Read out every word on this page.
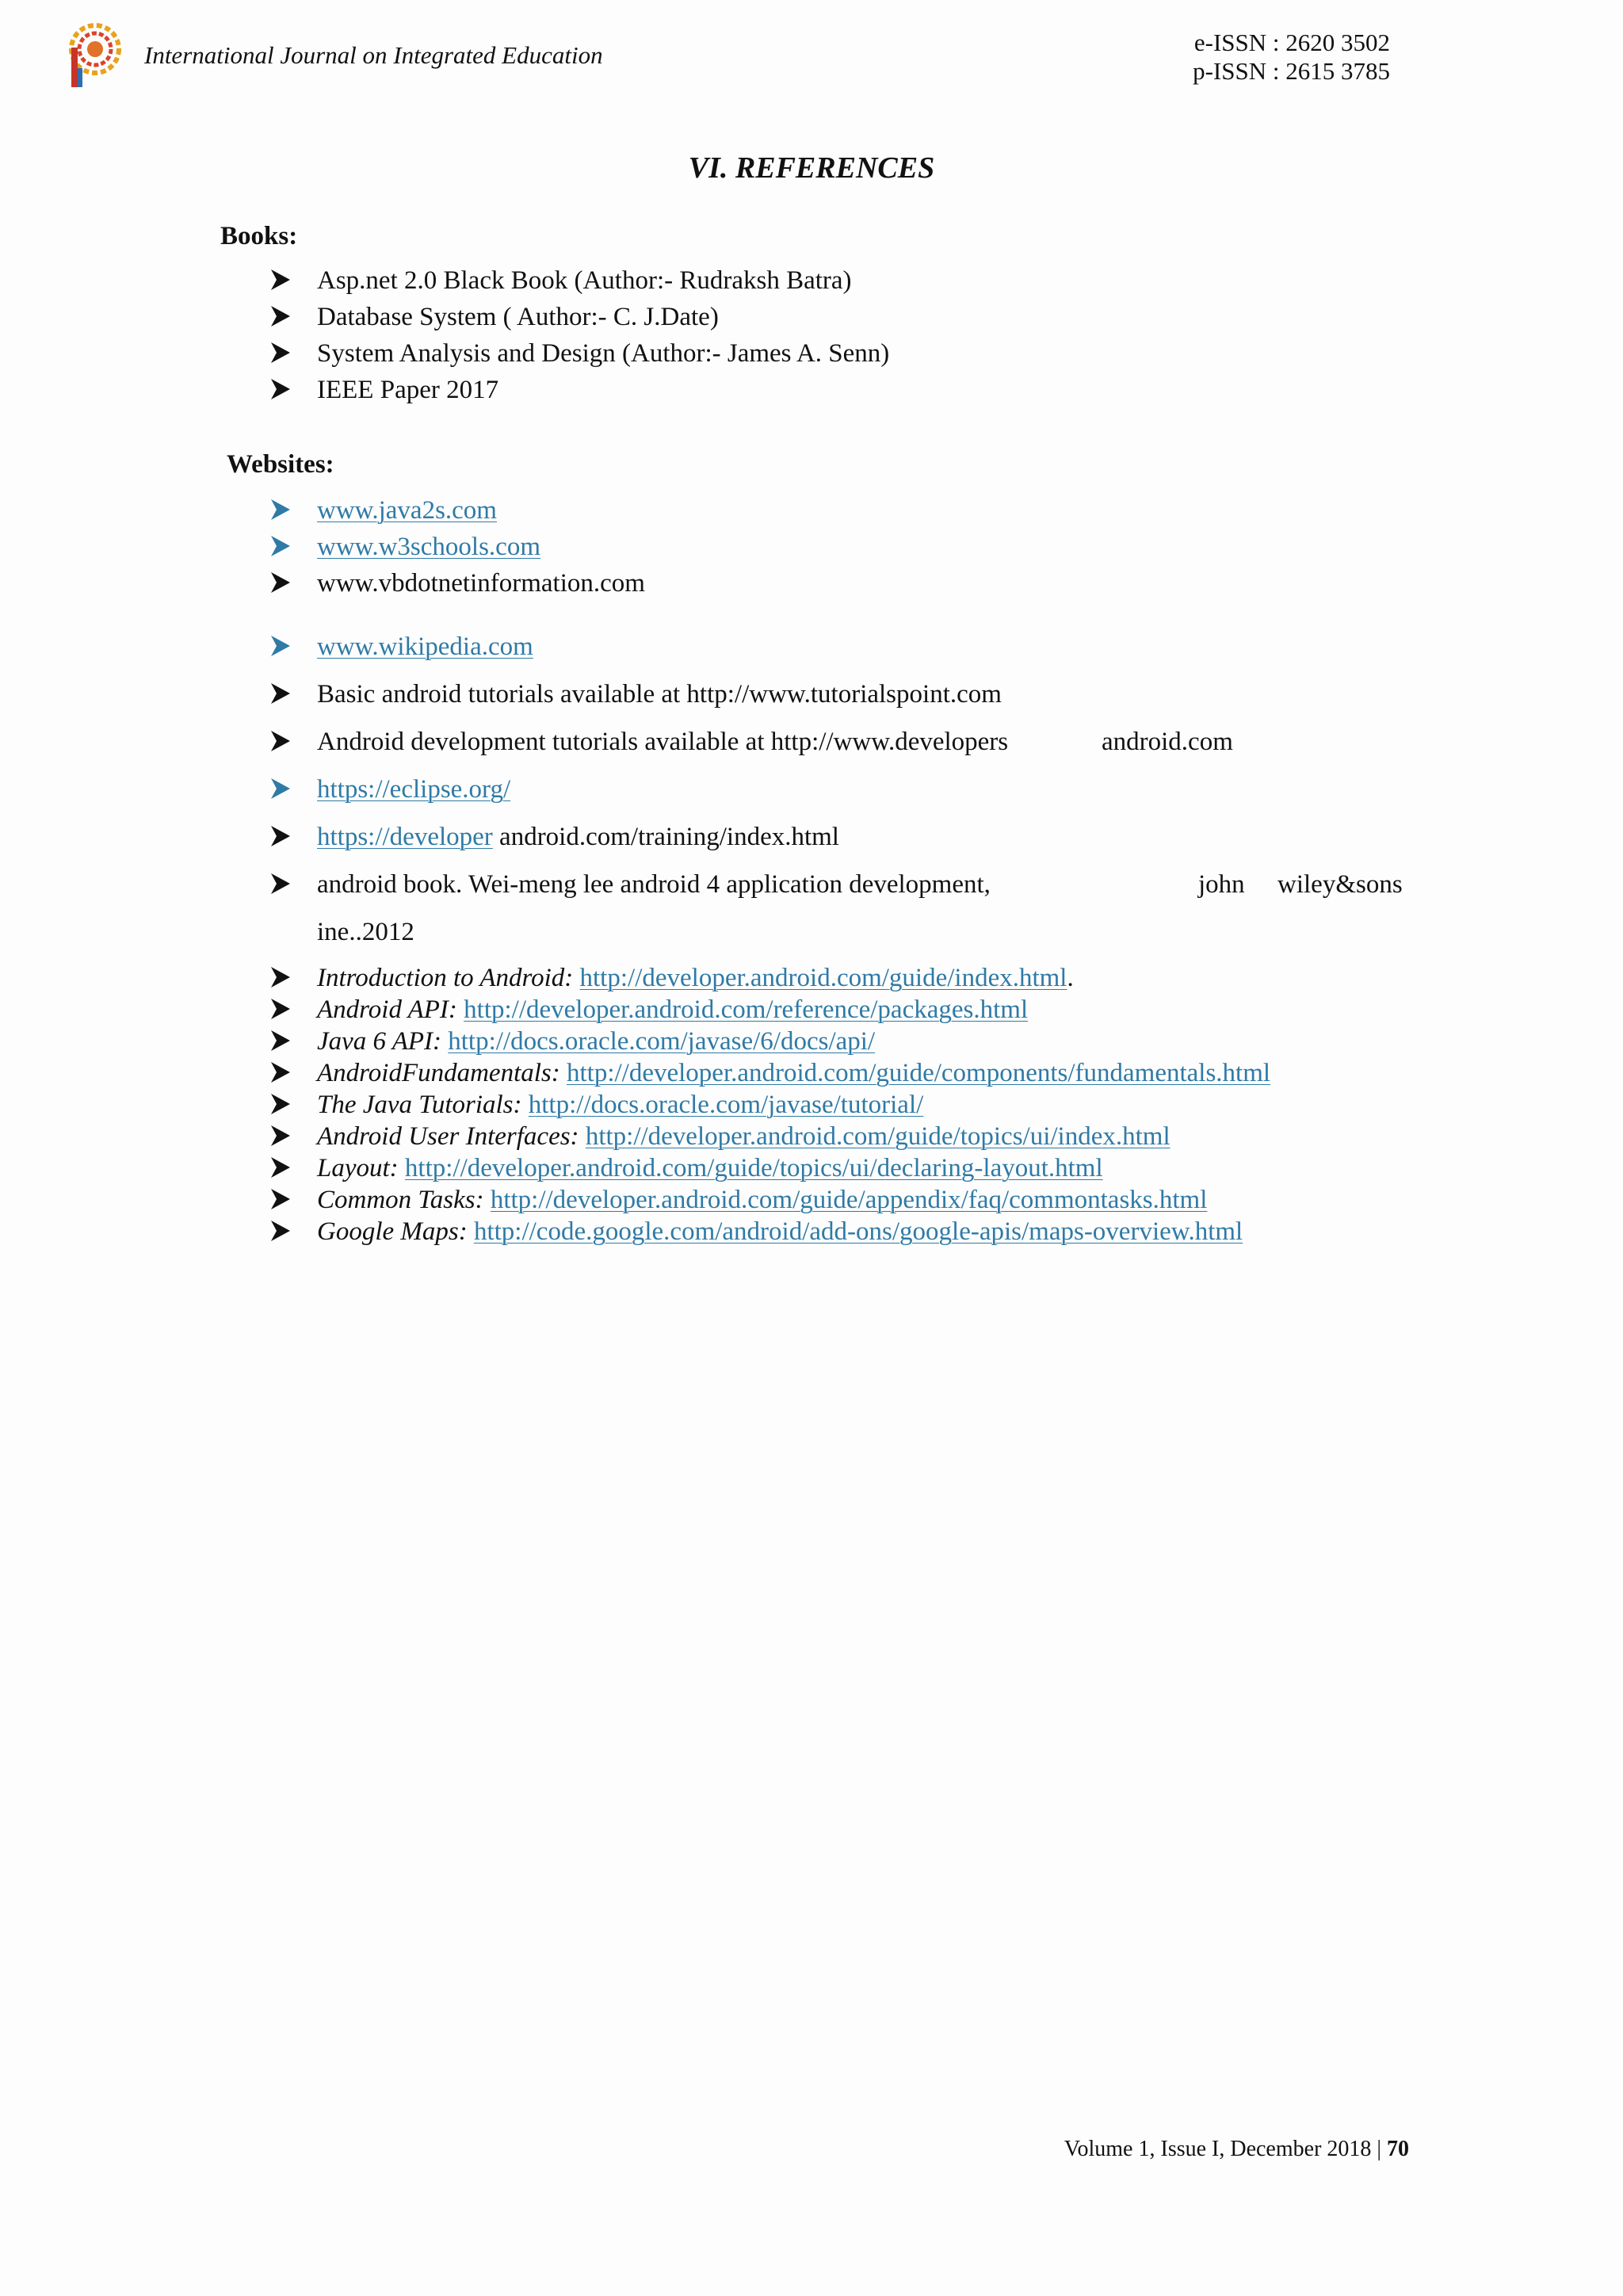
International Journal on Integrated Education	e-ISSN : 2620 3502
p-ISSN : 2615 3785
VI. REFERENCES
Books:
Asp.net 2.0 Black Book (Author:- Rudraksh Batra)
Database System ( Author:- C. J.Date)
System Analysis and Design (Author:- James A. Senn)
IEEE Paper 2017
Websites:
www.java2s.com
www.w3schools.com
www.vbdotnetinformation.com
www.wikipedia.com
Basic android tutorials available at http://www.tutorialspoint.com
Android development tutorials available at http://www.developers	android.com
https://eclipse.org/
https://developer android.com/training/index.html
android book. Wei-meng lee android 4 application development,	john wiley&sons
ine..2012
Introduction to Android: http://developer.android.com/guide/index.html.
Android API: http://developer.android.com/reference/packages.html
Java 6 API: http://docs.oracle.com/javase/6/docs/api/
AndroidFundamentals: http://developer.android.com/guide/components/fundamentals.html
The Java Tutorials: http://docs.oracle.com/javase/tutorial/
Android User Interfaces: http://developer.android.com/guide/topics/ui/index.html
Layout: http://developer.android.com/guide/topics/ui/declaring-layout.html
Common Tasks: http://developer.android.com/guide/appendix/faq/commontasks.html
Google Maps: http://code.google.com/android/add-ons/google-apis/maps-overview.html
Volume 1, Issue I, December 2018 | 70
